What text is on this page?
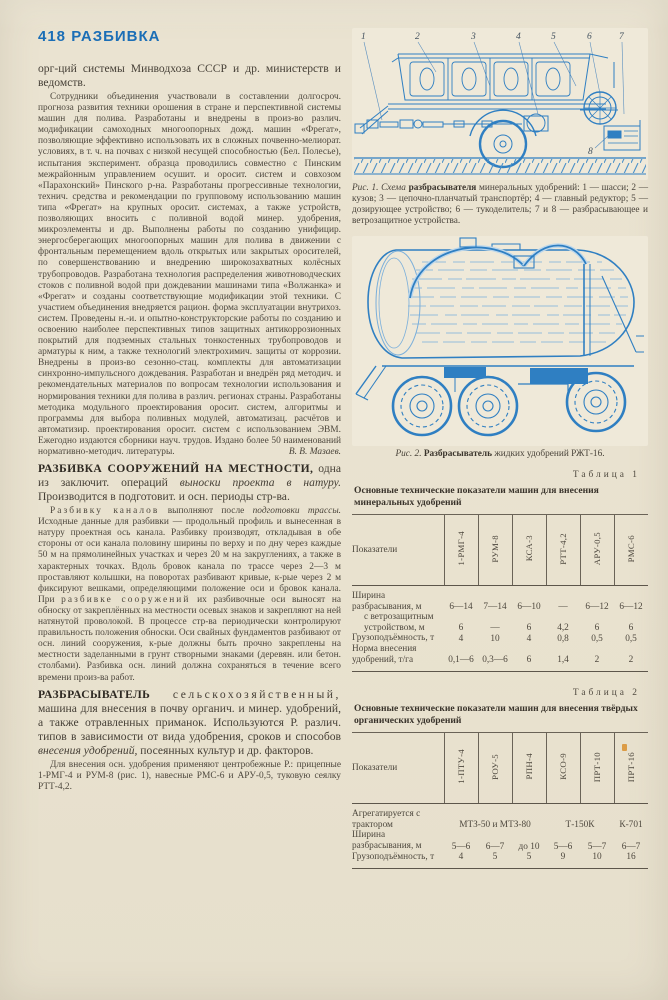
418 РАЗБИВКА

орг-ций системы Минводхоза СССР и др. министерств и ведомств.

Сотрудники объединения участвовали в составлении долгосроч. прогноза развития техники орошения в стране и перспективной системы машин для полива. Разработаны и внедрены в произ-во различ. модификации самоходных многоопорных дожд. машин «Фрегат», позволяющие эффективно использовать их в сложных почвенно-мелиорат. условиях, в т. ч. на почвах с низкой несущей способностью (Бел. Полесье), испытания эксперимент. образца проводились совместно с Пинским межрайонным управлением осушит. и оросит. систем и совхозом «Парахонский» Пинского р-на. Разработаны прогрессивные технологии, технич. средства и рекомендации по групповому использованию машин типа «Фрегат» на крупных оросит. системах, а также устройств, позволяющих вносить с поливной водой минер. удобрения, микроэлементы и др. Выполнены работы по созданию унифицир. энергосберегающих многоопорных машин для полива в движении с фронтальным перемещением вдоль открытых или закрытых оросителей, по совершенствованию и внедрению широкозахватных колёсных трубопроводов. Разработана технология распределения животноводческих стоков с поливной водой при дождевании машинами типа «Волжанка» и «Фрегат» и созданы соответствующие модификации этой техники. С участием объединения внедряется рацион. форма эксплуатации внутрихоз. систем. Проведены н.-и. и опытно-конструкторские работы по созданию и освоению наиболее перспективных типов защитных антикоррозионных покрытий для подземных стальных тонкостенных трубопроводов и арматуры к ним, а также технологий электрохимич. защиты от коррозии. Внедрены в произ-во сезонно-стац. комплекты для автоматизации синхронно-импульсного дождевания. Разработан и внедрён ряд методич. и рекомендательных материалов по вопросам технологии использования и нормирования техники для полива в различ. регионах страны. Разработаны методика модульного проектирования оросит. систем, алгоритмы и программы для выбора поливных модулей, автоматизац. расчётов и автоматизир. проектирования оросит. систем с использованием ЭВМ. Ежегодно издаются сборники науч. трудов. Издано более 50 наименований нормативно-методич. литературы.	В. В. Мазаев.

РАЗБИВКА СООРУЖЕНИЙ НА МЕСТНОСТИ, одна из заключит. операций выноски проекта в натуру. Производится в подготовит. и осн. периоды стр-ва.

Разбивку каналов выполняют после подготовки трассы. Исходные данные для разбивки — продольный профиль и вынесенная в натуру проектная ось канала. Разбивку производят, откладывая в обе стороны от оси канала половину ширины по верху и по дну через каждые 50 м на прямолинейных участках и через 20 м на закруглениях, а также в характерных точках. Вдоль бровок канала по трассе через 2—3 м проставляют колышки, на поворотах разбивают кривые, к-рые через 2 м фиксируют вешками, определяющими положение оси и бровок канала. При разбивке сооружений их разбивочные оси выносят на обноску от закреплённых на местности осевых знаков и закрепляют на ней натянутой проволокой. В процессе стр-ва периодически контролируют правильность положения обноски. Оси свайных фундаментов разбивают от осн. линий сооружения, к-рые должны быть прочно закреплены на местности заделанными в грунт створными знаками (деревян. или бетон. столбами). Разбивка осн. линий должна сохраняться в течение всего времени произ-ва работ.

РАЗБРАСЫВАТЕЛЬ сельскохозяйственный, машина для внесения в почву органич. и минер. удобрений, а также отравленных приманок. Используются Р. различ. типов в зависимости от вида удобрения, сроков и способов внесения удобрений, посеянных культур и др. факторов.

Для внесения осн. удобрения применяют центробежные Р.: прицепные 1-РМГ-4 и РУМ-8 (рис. 1), навесные РМС-6 и АРУ-0,5, туковую сеялку РТТ-4,2.

1	2	3	4	5	6	7
8

Рис. 1. Схема разбрасывателя минеральных удобрений: 1 — шасси; 2 — кузов; 3 — цепочно-планчатый транспортёр; 4 — главный редуктор; 5 — дозирующее устройство; 6 — тукоделитель; 7 и 8 — разбрасывающее и ветрозащитное устройства.

Рис. 2. Разбрасыватель жидких удобрений РЖТ-16.

Таблица 1
Основные технические показатели машин для внесения минеральных удобрений
Показатели	1-РМГ-4	РУМ-8	КСА-3	РТТ-4,2	АРУ-0,5	РМС-6
Ширина разбрасывания, м	6—14	7—14	6—10	—	6—12	6—12
с ветрозащитным устройством, м	6	—	6	4,2	6	6
Грузоподъёмность, т	4	10	4	0,8	0,5	0,5
Норма внесения удобрений, т/га	0,1—6	0,3—6	6	1,4	2	2
Таблица 2
Основные технические показатели машин для внесения твёрдых органических удобрений
Показатели	1-ПТУ-4	РОУ-5	РПН-4	КСО-9	ПРТ-10	ПРТ-16
Агрегатируется с трактором	МТЗ-50 и МТЗ-80			Т-150К		К-701
Ширина разбрасывания, м	5—6	6—7	до 10	5—6	5—7	6—7
Грузоподъёмность, т	4	5	5	9	10	16
